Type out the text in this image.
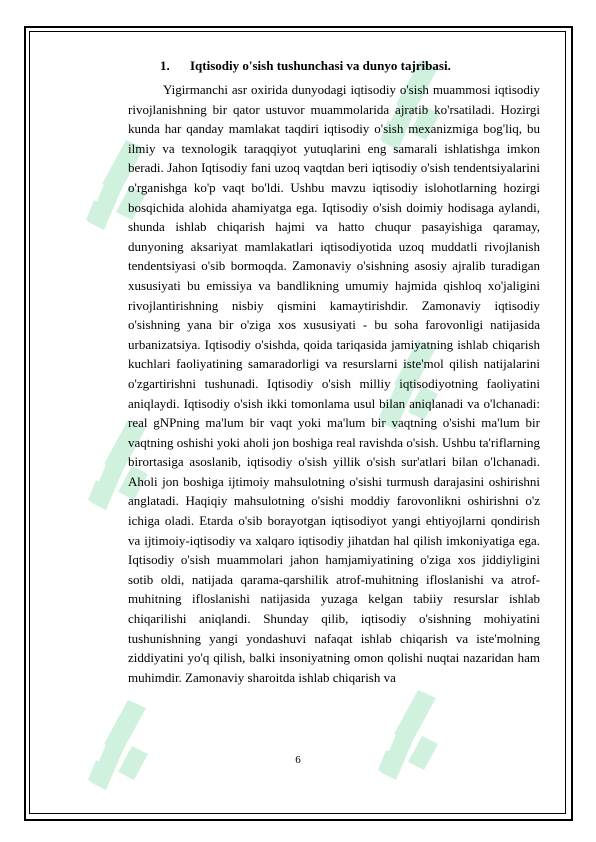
1. Iqtisodiy o'sish tushunchasi va dunyo tajribasi.

Yigirmanchi asr oxirida dunyodagi iqtisodiy o'sish muammosi iqtisodiy rivojlanishning bir qator ustuvor muammolarida ajratib ko'rsatiladi. Hozirgi kunda har qanday mamlakat taqdiri iqtisodiy o'sish mexanizmiga bog'liq, bu ilmiy va texnologik taraqqiyot yutuqlarini eng samarali ishlatishga imkon beradi. Jahon Iqtisodiy fani uzoq vaqtdan beri iqtisodiy o'sish tendentsiyalarini o'rganishga ko'p vaqt bo'ldi. Ushbu mavzu iqtisodiy islohotlarning hozirgi bosqichida alohida ahamiyatga ega. Iqtisodiy o'sish doimiy hodisaga aylandi, shunda ishlab chiqarish hajmi va hatto chuqur pasayishiga qaramay, dunyoning aksariyat mamlakatlari iqtisodiyotida uzoq muddatli rivojlanish tendentsiyasi o'sib bormoqda. Zamonaviy o'sishning asosiy ajralib turadigan xususiyati bu emissiya va bandlikning umumiy hajmida qishloq xo'jaligini rivojlantirishning nisbiy qismini kamaytirishdir. Zamonaviy iqtisodiy o'sishning yana bir o'ziga xos xususiyati - bu soha farovonligi natijasida urbanizatsiya. Iqtisodiy o'sishda, qoida tariqasida jamiyatning ishlab chiqarish kuchlari faoliyatining samaradorligi va resurslarni iste'mol qilish natijalarini o'zgartirishni tushunadi. Iqtisodiy o'sish milliy iqtisodiyotning faoliyatini aniqlaydi. Iqtisodiy o'sish ikki tomonlama usul bilan aniqlanadi va o'lchanadi: real gNPning ma'lum bir vaqt yoki ma'lum bir vaqtning o'sishi ma'lum bir vaqtning oshishi yoki aholi jon boshiga real ravishda o'sish. Ushbu ta'riflarning birortasiga asoslanib, iqtisodiy o'sish yillik o'sish sur'atlari bilan o'lchanadi. Aholi jon boshiga ijtimoiy mahsulotning o'sishi turmush darajasini oshirishni anglatadi. Haqiqiy mahsulotning o'sishi moddiy farovonlikni oshirishni o'z ichiga oladi. Etarda o'sib borayotgan iqtisodiyot yangi ehtiyojlarni qondirish va ijtimoiy-iqtisodiy va xalqaro iqtisodiy jihatdan hal qilish imkoniyatiga ega. Iqtisodiy o'sish muammolari jahon hamjamiyatining o'ziga xos jiddiyligini sotib oldi, natijada qarama-qarshilik atrof-muhitning ifloslanishi va atrof-muhitning ifloslanishi natijasida yuzaga kelgan tabiiy resurslar ishlab chiqarilishi aniqlandi. Shunday qilib, iqtisodiy o'sishning mohiyatini tushunishning yangi yondashuvi nafaqat ishlab chiqarish va iste'molning ziddiyatini yo'q qilish, balki insoniyatning omon qolishi nuqtai nazaridan ham muhimdir. Zamonaviy sharoitda ishlab chiqarish va

6
